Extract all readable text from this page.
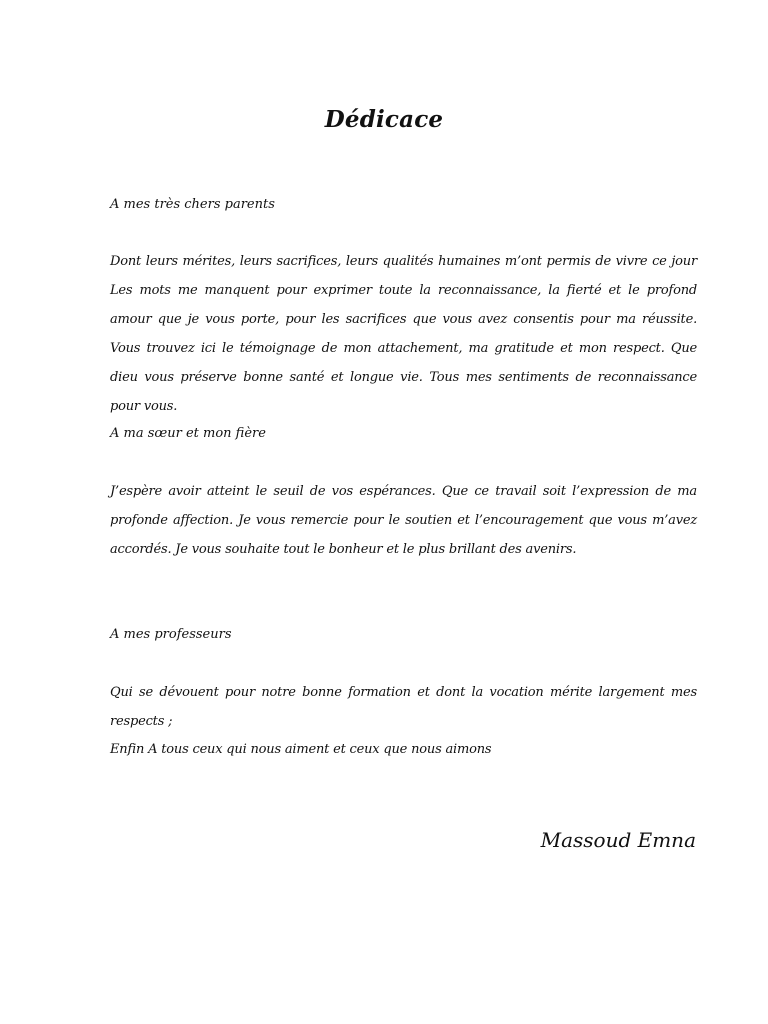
Dédicace
A mes très chers parents
Dont leurs mérites, leurs sacrifices, leurs qualités humaines m’ont permis de vivre ce jour Les mots me manquent pour exprimer toute la reconnaissance, la fierté et le profond amour que je vous porte, pour les sacrifices que vous avez consentis pour ma réussite. Vous trouvez ici le témoignage de mon attachement, ma gratitude et mon respect. Que dieu vous préserve bonne santé et longue vie. Tous mes sentiments de reconnaissance pour vous.
A ma sœur et mon fière
J’espère avoir atteint le seuil de vos espérances. Que ce travail soit l’expression de ma profonde affection. Je vous remercie pour le soutien et l’encouragement que vous m’avez accordés. Je vous souhaite tout le bonheur et le plus brillant des avenirs.
A mes professeurs
Qui se dévouent pour notre bonne formation et dont la vocation mérite largement mes respects ;
Enfin A tous ceux qui nous aiment et ceux que nous aimons
Massoud Emna
